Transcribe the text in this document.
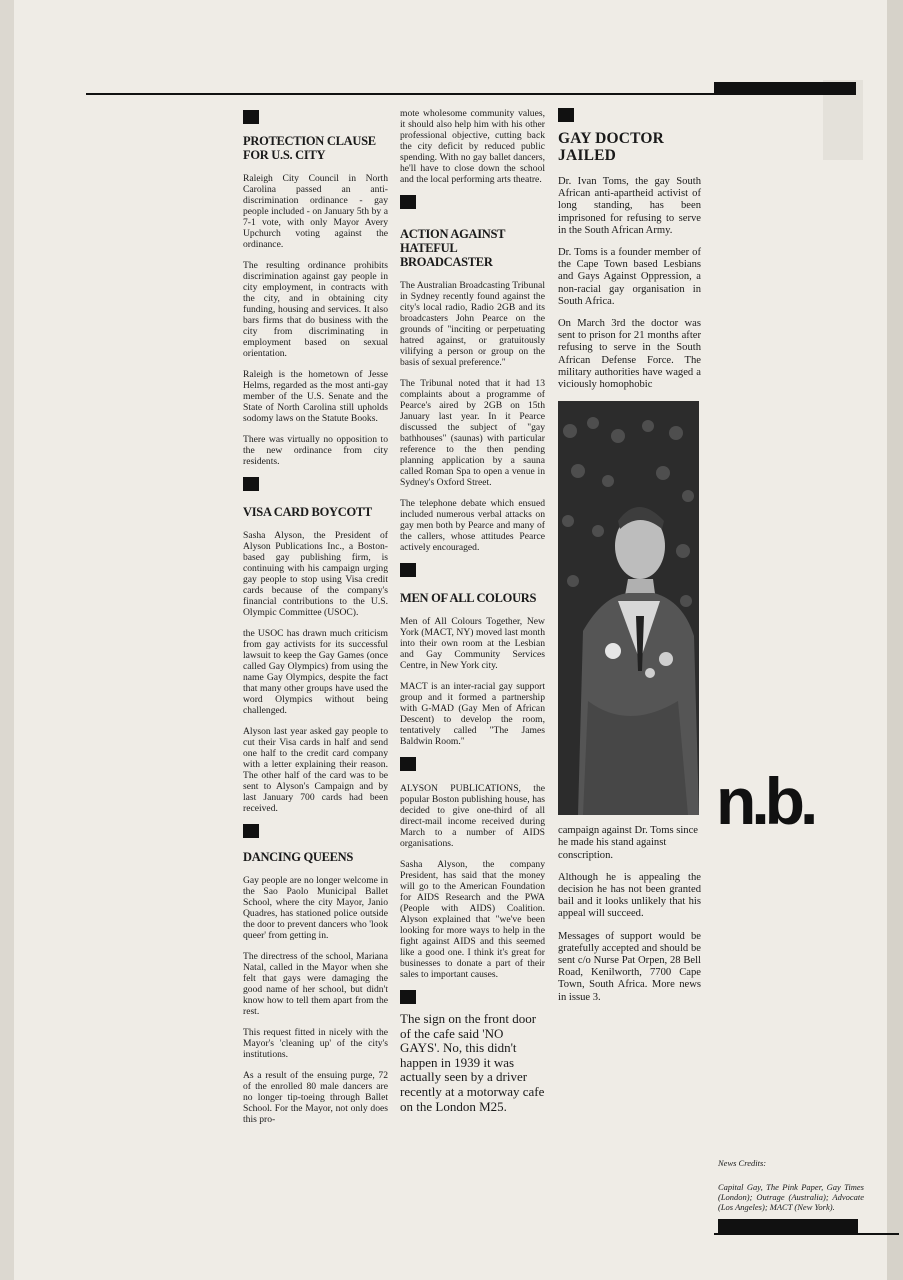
PROTECTION CLAUSE FOR U.S. CITY

Raleigh City Council in North Carolina passed an anti-discrimination ordinance - gay people included - on January 5th by a 7-1 vote, with only Mayor Avery Upchurch voting against the ordinance.

The resulting ordinance prohibits discrimination against gay people in city employment, in contracts with the city, and in obtaining city funding, housing and services. It also bars firms that do business with the city from discriminating in employment based on sexual orientation.

Raleigh is the hometown of Jesse Helms, regarded as the most anti-gay member of the U.S. Senate and the State of North Carolina still upholds sodomy laws on the Statute Books.

There was virtually no opposition to the new ordinance from city residents.

VISA CARD BOYCOTT

Sasha Alyson, the President of Alyson Publications Inc., a Boston-based gay publishing firm, is continuing with his campaign urging gay people to stop using Visa credit cards because of the company's financial contributions to the U.S. Olympic Committee (USOC).

the USOC has drawn much criticism from gay activists for its successful lawsuit to keep the Gay Games (once called Gay Olympics) from using the name Gay Olympics, despite the fact that many other groups have used the word Olympics without being challenged.

Alyson last year asked gay people to cut their Visa cards in half and send one half to the credit card company with a letter explaining their reason. The other half of the card was to be sent to Alyson's Campaign and by last January 700 cards had been received.

DANCING QUEENS

Gay people are no longer welcome in the Sao Paolo Municipal Ballet School, where the city Mayor, Janio Quadres, has stationed police outside the door to prevent dancers who 'look queer' from getting in.

The directress of the school, Mariana Natal, called in the Mayor when she felt that gays were damaging the good name of her school, but didn't know how to tell them apart from the rest.

This request fitted in nicely with the Mayor's 'cleaning up' of the city's institutions.

As a result of the ensuing purge, 72 of the enrolled 80 male dancers are no longer tip-toeing through Ballet School. For the Mayor, not only does this pro-

mote wholesome community values, it should also help him with his other professional objective, cutting back the city deficit by reduced public spending. With no gay ballet dancers, he'll have to close down the school and the local performing arts theatre.

ACTION AGAINST HATEFUL BROADCASTER

The Australian Broadcasting Tribunal in Sydney recently found against the city's local radio, Radio 2GB and its broadcasters John Pearce on the grounds of "inciting or perpetuating hatred against, or gratuitously vilifying a person or group on the basis of sexual preference."

The Tribunal noted that it had 13 complaints about a programme of Pearce's aired by 2GB on 15th January last year. In it Pearce discussed the subject of "gay bathhouses" (saunas) with particular reference to the then pending planning application by a sauna called Roman Spa to open a venue in Sydney's Oxford Street.

The telephone debate which ensued included numerous verbal attacks on gay men both by Pearce and many of the callers, whose attitudes Pearce actively encouraged.

MEN OF ALL COLOURS

Men of All Colours Together, New York (MACT, NY) moved last month into their own room at the Lesbian and Gay Community Services Centre, in New York city.

MACT is an inter-racial gay support group and it formed a partnership with G-MAD (Gay Men of African Descent) to develop the room, tentatively called "The James Baldwin Room."

ALYSON PUBLICATIONS, the popular Boston publishing house, has decided to give one-third of all direct-mail income received during March to a number of AIDS organisations.

Sasha Alyson, the company President, has said that the money will go to the American Foundation for AIDS Research and the PWA (People with AIDS) Coalition. Alyson explained that "we've been looking for more ways to help in the fight against AIDS and this seemed like a good one. I think it's great for businesses to donate a part of their sales to important causes.

The sign on the front door of the cafe said 'NO GAYS'. No, this didn't happen in 1939 it was actually seen by a driver recently at a motorway cafe on the London M25.

GAY DOCTOR JAILED

Dr. Ivan Toms, the gay South African anti-apartheid activist of long standing, has been imprisoned for refusing to serve in the South African Army.

Dr. Toms is a founder member of the Cape Town based Lesbians and Gays Against Oppression, a non-racial gay organisation in South Africa.

On March 3rd the doctor was sent to prison for 21 months after refusing to serve in the South African Defense Force. The military authorities have waged a viciously homophobic

campaign against Dr. Toms since he made his stand against conscription.

Although he is appealing the decision he has not been granted bail and it looks unlikely that his appeal will succeed.

Messages of support would be gratefully accepted and should be sent c/o Nurse Pat Orpen, 28 Bell Road, Kenilworth, 7700 Cape Town, South Africa. More news in issue 3.

n.b.
News Credits:
Capital Gay, The Pink Paper, Gay Times (London); Outrage (Australia); Advocate (Los Angeles); MACT (New York).
